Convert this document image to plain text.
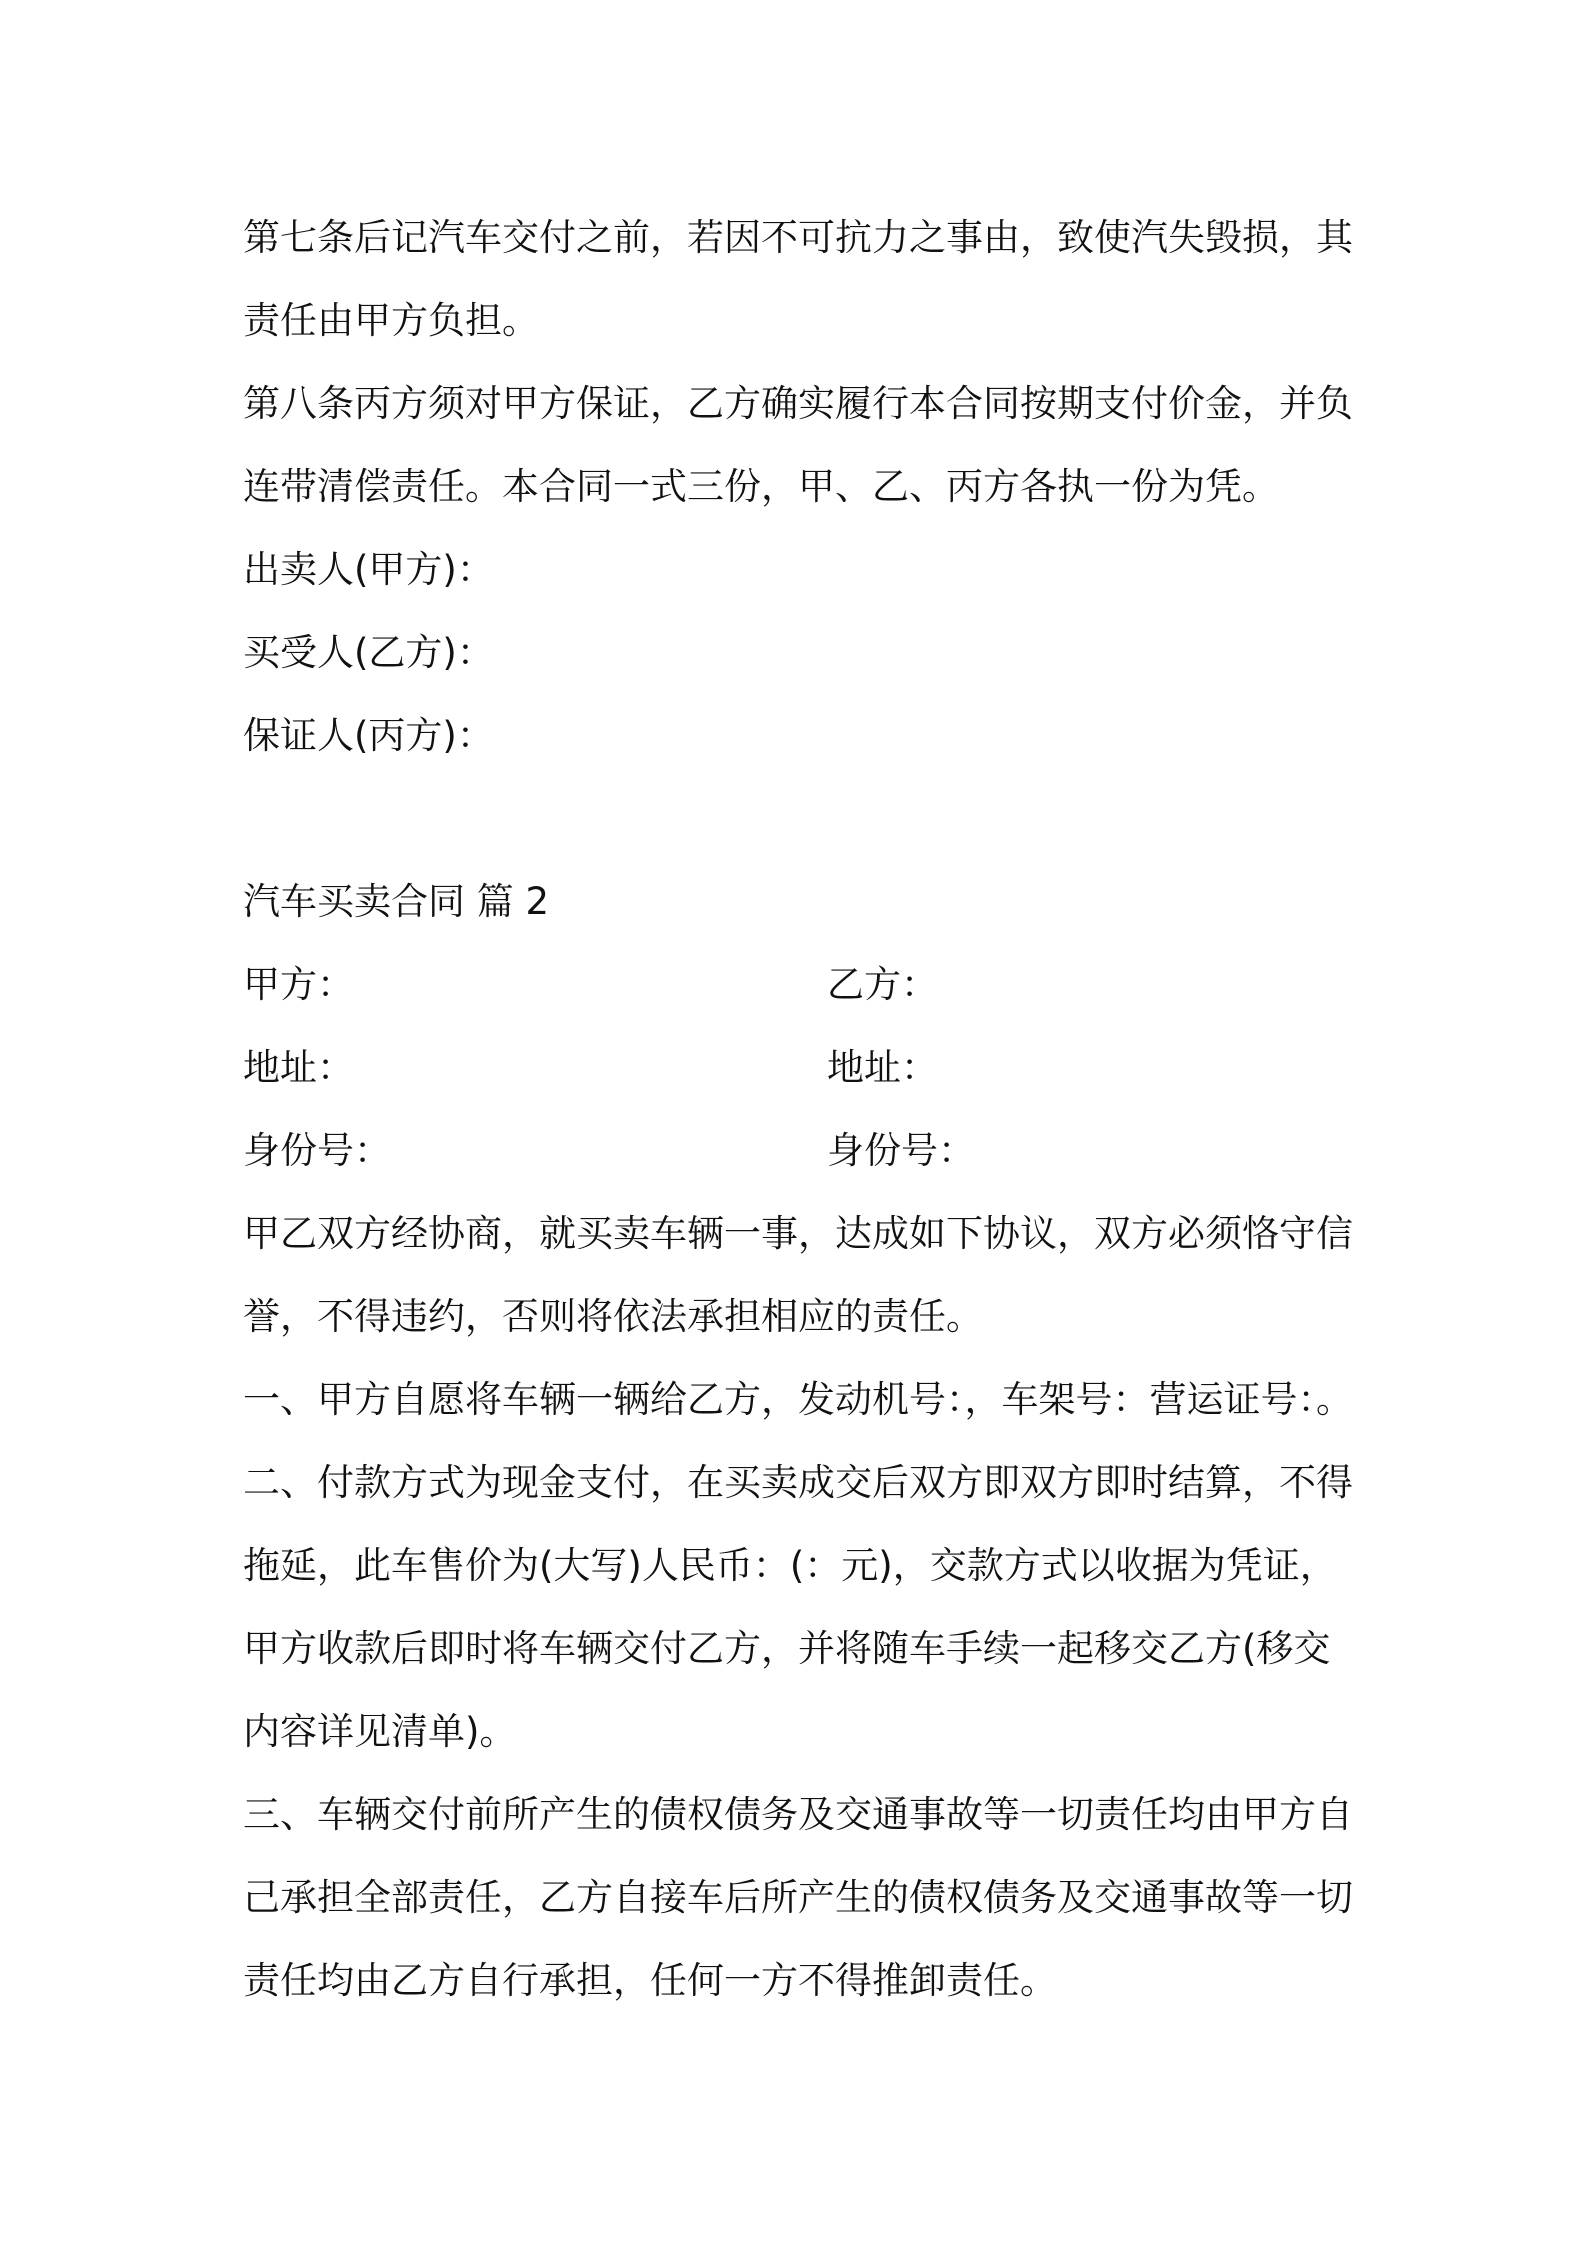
第七条后记汽车交付之前，若因不可抗力之事由，致使汽失毁损，其
责任由甲方负担。
第八条丙方须对甲方保证，乙方确实履行本合同按期支付价金，并负
连带清偿责任。本合同一式三份，甲、乙、丙方各执一份为凭。
出卖人(甲方)：
买受人(乙方)：
保证人(丙方)：
汽车买卖合同 篇 2
甲方：	乙方：
地址：	地址：
身份号：	身份号：
甲乙双方经协商，就买卖车辆一事，达成如下协议，双方必须恪守信
誉，不得违约，否则将依法承担相应的责任。
一、甲方自愿将车辆一辆给乙方，发动机号：，车架号：营运证号：。
二、付款方式为现金支付，在买卖成交后双方即双方即时结算，不得
拖延，此车售价为(大写)人民币：(：元)，交款方式以收据为凭证，
甲方收款后即时将车辆交付乙方，并将随车手续一起移交乙方(移交
内容详见清单)。
三、车辆交付前所产生的债权债务及交通事故等一切责任均由甲方自
己承担全部责任，乙方自接车后所产生的债权债务及交通事故等一切
责任均由乙方自行承担，任何一方不得推卸责任。
